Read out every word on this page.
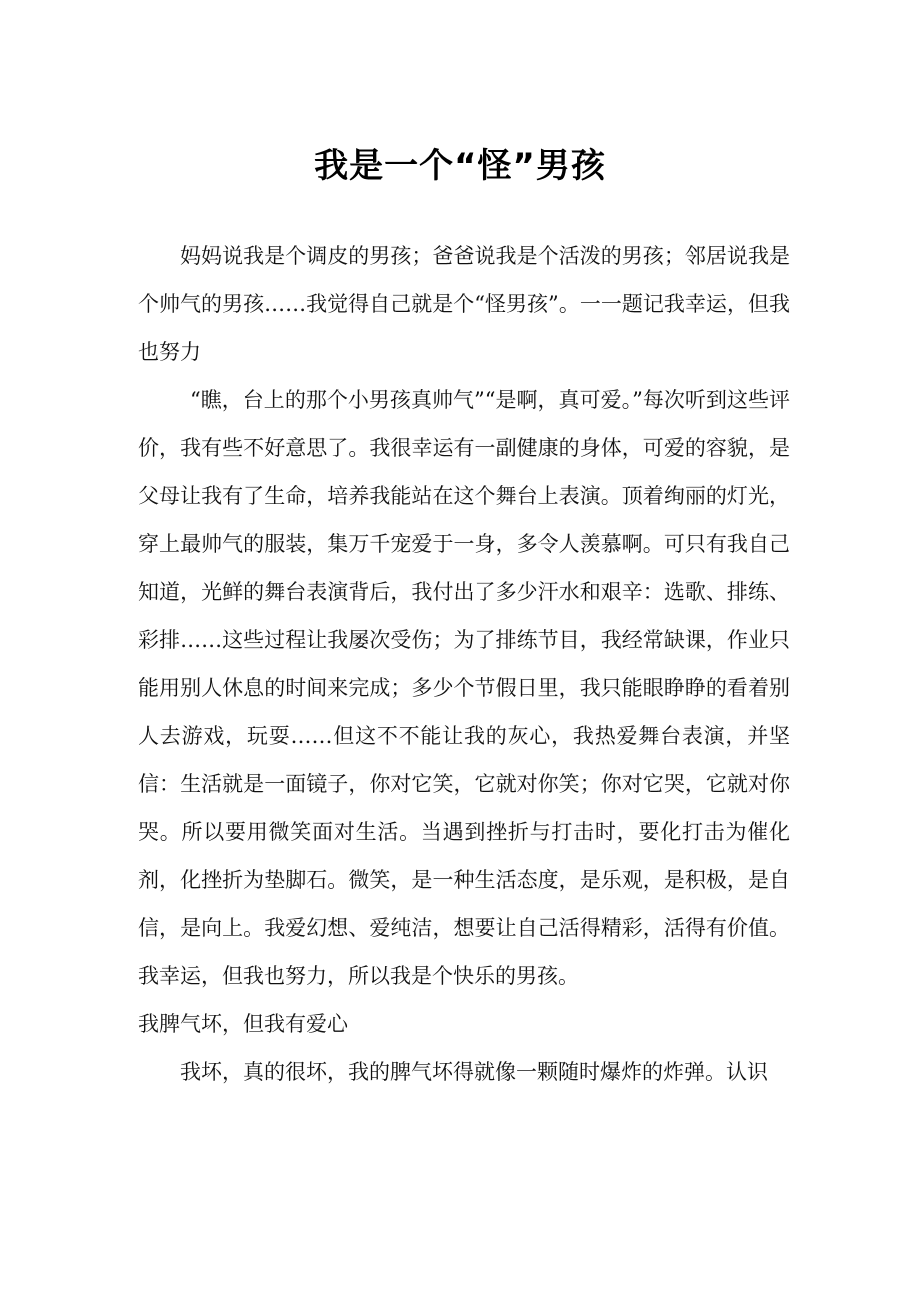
我是一个“怪”男孩

妈妈说我是个调皮的男孩；爸爸说我是个活泼的男孩；邻居说我是个帅气的男孩……我觉得自己就是个“怪男孩”。一一题记我幸运，但我也努力

“瞧，台上的那个小男孩真帅气”“是啊，真可爱。”每次听到这些评价，我有些不好意思了。我很幸运有一副健康的身体，可爱的容貌，是父母让我有了生命，培养我能站在这个舞台上表演。顶着绚丽的灯光，穿上最帅气的服装，集万千宠爱于一身，多令人羡慕啊。可只有我自己知道，光鲜的舞台表演背后，我付出了多少汗水和艰辛：选歌、排练、彩排……这些过程让我屡次受伤；为了排练节目，我经常缺课，作业只能用别人休息的时间来完成；多少个节假日里，我只能眼睁睁的看着别人去游戏，玩耍……但这不不能让我的灰心，我热爱舞台表演，并坚信：生活就是一面镜子，你对它笑，它就对你笑；你对它哭，它就对你哭。所以要用微笑面对生活。当遇到挫折与打击时，要化打击为催化剂，化挫折为垫脚石。微笑，是一种生活态度，是乐观，是积极，是自信，是向上。我爱幻想、爱纯洁，想要让自己活得精彩，活得有价值。我幸运，但我也努力，所以我是个快乐的男孩。

我脾气坏，但我有爱心

我坏，真的很坏，我的脾气坏得就像一颗随时爆炸的炸弹。认识
